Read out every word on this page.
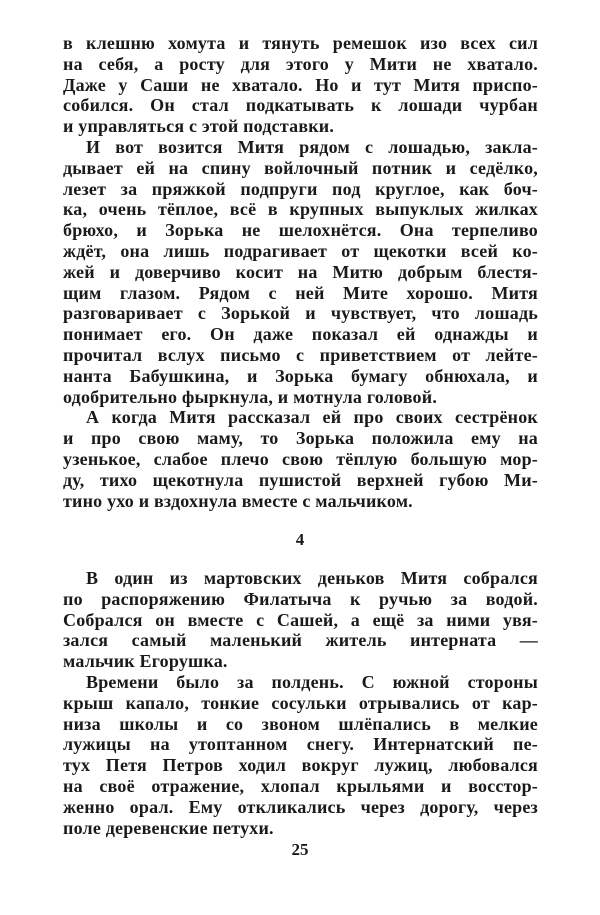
в клешню хомута и тянуть ремешок изо всех сил
на себя, а росту для этого у Мити не хватало.
Даже у Саши не хватало. Но и тут Митя приспо-
собился. Он стал подкатывать к лошади чурбан
и управляться с этой подставки.
И вот возится Митя рядом с лошадью, закла-
дывает ей на спину войлочный потник и седёлко,
лезет за пряжкой подпруги под круглое, как боч-
ка, очень тёплое, всё в крупных выпуклых жилках
брюхо, и Зорька не шелохнётся. Она терпеливо
ждёт, она лишь подрагивает от щекотки всей ко-
жей и доверчиво косит на Митю добрым блестя-
щим глазом. Рядом с ней Мите хорошо. Митя
разговаривает с Зорькой и чувствует, что лошадь
понимает его. Он даже показал ей однажды и
прочитал вслух письмо с приветствием от лейте-
нанта Бабушкина, и Зорька бумагу обнюхала, и
одобрительно фыркнула, и мотнула головой.
А когда Митя рассказал ей про своих сестрёнок
и про свою маму, то Зорька положила ему на
узенькое, слабое плечо свою тёплую большую мор-
ду, тихо щекотнула пушистой верхней губою Ми-
тино ухо и вздохнула вместе с мальчиком.
4
В один из мартовских деньков Митя собрался
по распоряжению Филатыча к ручью за водой.
Собрался он вместе с Сашей, а ещё за ними увя-
зался самый маленький житель интерната —
мальчик Егорушка.
Времени было за полдень. С южной стороны
крыш капало, тонкие сосульки отрывались от кар-
низа школы и со звоном шлёпались в мелкие
лужицы на утоптанном снегу. Интернатский пе-
тух Петя Петров ходил вокруг лужиц, любовался
на своё отражение, хлопал крыльями и восстор-
женно орал. Ему откликались через дорогу, через
поле деревенские петухи.
25
